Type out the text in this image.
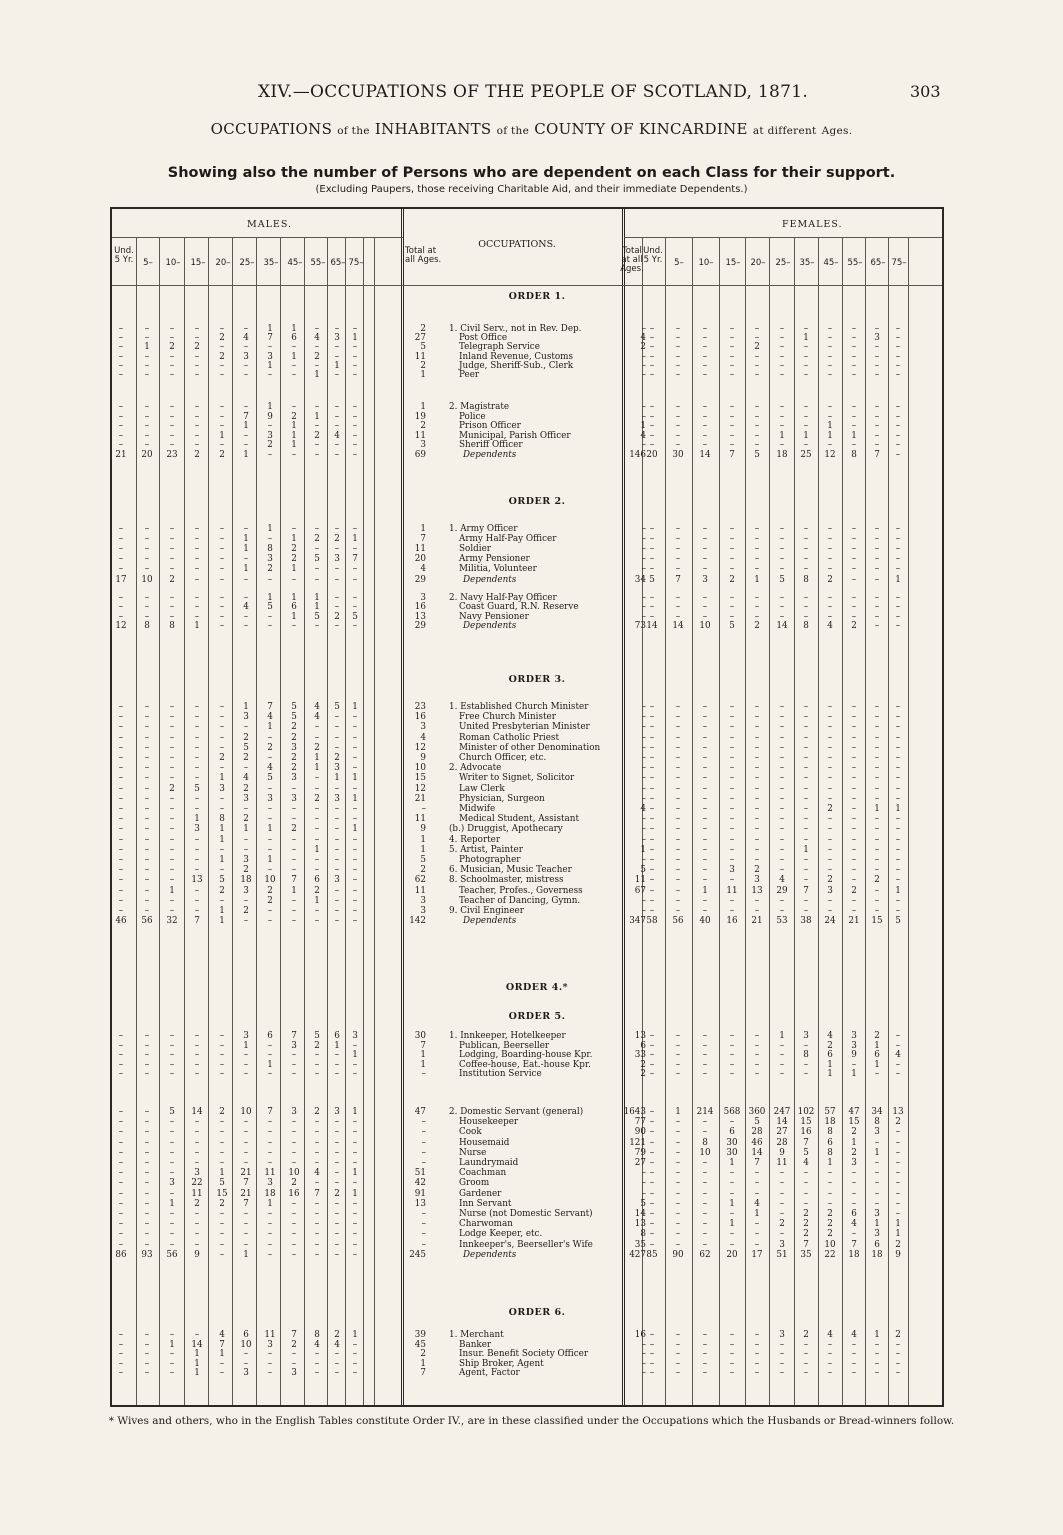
XIV.—OCCUPATIONS OF THE PEOPLE OF SCOTLAND, 1871.	303
OCCUPATIONS of the INHABITANTS of the COUNTY OF KINCARDINE at different Ages.
Showing also the number of Persons who are dependent on each Class for their support.
(Excluding Paupers, those receiving Charitable Aid, and their immediate Dependents.)
MALES.	FEMALES.
OCCUPATIONS.
Und. 5 Yr.	5–	10–	15–	20–	25–	35–	45– 55– 65– 75–
Total at all Ages.
Total at all Ages.
Und. 5 Yr.	5–	10–	15–	20–	25–	35–	45–	55– 65– 75–
ORDER 1.
ORDER 2.
ORDER 3.
ORDER 4.*
ORDER 5.
ORDER 6.
–	–	–	–	–	–	1	1	–	–	–	2	1. Civil Serv., not in Rev. Dep.	– –	–	–	–	–	–	–	–	–	–	–
–	–	–	–	2	4	7	6	4	3	1	27	Post Office	4 –	–	–	–	–	–	1	–	–	3	–
–	1	2	2	–	–	–	–	–	–	–	5	Telegraph Service	2 –	–	–	–	2	–	–	–	–	–	–
–	–	–	–	2	3	3	1	2	–	–	11	Inland Revenue, Customs	– –	–	–	–	–	–	–	–	–	–	–
–	–	–	–	–	–	1	–	–	1	–	2	Judge, Sheriff-Sub., Clerk	– –	–	–	–	–	–	–	–	–	–	–
–	–	–	–	–	–	–	–	1	–	–	1	Peer	– –	–	–	–	–	–	–	–	–	–	–
–	–	–	–	–	–	1	–	–	–	–	1	2. Magistrate	– –	–	–	–	–	–	–	–	–	–	–
–	–	–	–	–	7	9	2	1	–	–	19	Police	– –	–	–	–	–	–	–	–	–	–	–
–	–	–	–	–	1	–	1	–	–	–	2	Prison Officer	1 –	–	–	–	–	–	–	1	–	–	–
–	–	–	–	1	–	3	1	2	4	–	11	Municipal, Parish Officer	4 –	–	–	–	–	1	1	1	1	–	–
–	–	–	–	–	–	2	1	–	–	–	3	Sheriff Officer	– –	–	–	–	–	–	–	–	–	–	–
21	20	23	2	2	1	–	–	–	–	–	69	Dependents	146 20	30	14	7	5	18	25	12	8	7	–
–	–	–	–	–	–	1	–	–	–	–	1	1. Army Officer	– –	–	–	–	–	–	–	–	–	–	–
–	–	–	–	–	1	–	1	2	2	1	7	Army Half-Pay Officer	– –	–	–	–	–	–	–	–	–	–	–
–	–	–	–	–	1	8	2	–	–	–	11	Soldier	– –	–	–	–	–	–	–	–	–	–	–
–	–	–	–	–	–	3	2	5	3	7	20	Army Pensioner	– –	–	–	–	–	–	–	–	–	–	–
–	–	–	–	–	1	2	1	–	–	–	4	Militia, Volunteer	– –	–	–	–	–	–	–	–	–	–	–
17	10	2	–	–	–	–	–	–	–	–	29	Dependents	34 5	7	3	2	1	5	8	2	–	–	1
–	–	–	–	–	–	1	1	1	–	–	3	2. Navy Half-Pay Officer	– –	–	–	–	–	–	–	–	–	–	–
–	–	–	–	–	4	5	6	1	–	–	16	Coast Guard, R.N. Reserve	– –	–	–	–	–	–	–	–	–	–	–
–	–	–	–	–	–	–	1	5	2	5	13	Navy Pensioner	– –	–	–	–	–	–	–	–	–	–	–
12	8	8	1	–	–	–	–	–	–	–	29	Dependents	73 14	14	10	5	2	14	8	4	2	–	–
–	–	–	–	–	1	7	5	4	5	1	23	1. Established Church Minister	– –	–	–	–	–	–	–	–	–	–	–
–	–	–	–	–	3	4	5	4	–	–	16	Free Church Minister	– –	–	–	–	–	–	–	–	–	–	–
–	–	–	–	–	–	1	2	–	–	–	3	United Presbyterian Minister	– –	–	–	–	–	–	–	–	–	–	–
–	–	–	–	–	2	–	2	–	–	–	4	Roman Catholic Priest	– –	–	–	–	–	–	–	–	–	–	–
–	–	–	–	–	5	2	3	2	–	–	12	Minister of other Denomination	– –	–	–	–	–	–	–	–	–	–	–
–	–	–	–	2	2	–	2	1	2	–	9	Church Officer, etc.	– –	–	–	–	–	–	–	–	–	–	–
–	–	–	–	–	–	4	2	1	3	–	10	2. Advocate	– –	–	–	–	–	–	–	–	–	–	–
–	–	–	–	1	4	5	3	–	1	1	15	Writer to Signet, Solicitor	– –	–	–	–	–	–	–	–	–	–	–
–	–	2	5	3	2	–	–	–	–	–	12	Law Clerk	– –	–	–	–	–	–	–	–	–	–	–
–	–	–	–	–	3	3	3	2	3	1	21	Physician, Surgeon	– –	–	–	–	–	–	–	–	–	–	–
–	–	–	–	–	–	–	–	–	–	–	–	Midwife	4 –	–	–	–	–	–	–	2	–	1	1
–	–	–	1	8	2	–	–	–	–	–	11	Medical Student, Assistant	– –	–	–	–	–	–	–	–	–	–	–
–	–	–	3	1	1	1	2	–	–	1	9	(b.) Druggist, Apothecary	– –	–	–	–	–	–	–	–	–	–	–
–	–	–	–	1	–	–	–	–	–	–	1	4. Reporter	– –	–	–	–	–	–	–	–	–	–	–
–	–	–	–	–	–	–	–	1	–	–	1	5. Artist, Painter	1 –	–	–	–	–	–	1	–	–	–	–
–	–	–	–	1	3	1	–	–	–	–	5	Photographer	– –	–	–	–	–	–	–	–	–	–	–
–	–	–	–	–	2	–	–	–	–	–	2	6. Musician, Music Teacher	5 –	–	–	3	2	–	–	–	–	–	–
–	–	–	13	5	18	10	7	6	3	–	62	8. Schoolmaster, mistress	11 –	–	–	–	3	4	–	2	–	2	–
–	–	1	–	2	3	2	1	2	–	–	11	Teacher, Profes., Governess	67 –	–	1	11	13	29	7	3	2	–	1
–	–	–	–	–	–	2	–	1	–	–	3	Teacher of Dancing, Gymn.	– –	–	–	–	–	–	–	–	–	–	–
–	–	–	–	1	2	–	–	–	–	–	3	9. Civil Engineer	– –	–	–	–	–	–	–	–	–	–	–
46	56	32	7	1	–	–	–	–	–	–	142	Dependents	347 58	56	40	16	21	53	38	24	21	15	5
–	–	–	–	–	3	6	7	5	6	3	30	1. Innkeeper, Hotelkeeper	13 –	–	–	–	–	1	3	4	3	2	–
–	–	–	–	–	1	–	3	2	1	–	7	Publican, Beerseller	6 –	–	–	–	–	–	–	2	3	1	–
–	–	–	–	–	–	–	–	–	–	1	1	Lodging, Boarding-house Kpr.	33 –	–	–	–	–	–	8	6	9	6	4
–	–	–	–	–	–	1	–	–	–	–	1	Coffee-house, Eat.-house Kpr.	2 –	–	–	–	–	–	–	1	–	1	–
–	–	–	–	–	–	–	–	–	–	–	–	Institution Service	2 –	–	–	–	–	–	–	1	1	–	–
–	–	5	14	2	10	7	3	2	3	1	47	2. Domestic Servant (general)	1643 –	1	214 568 360 247 102	57	47	34	13
–	–	–	–	–	–	–	–	–	–	–	–	Housekeeper	77 –	–	–	–	5	14	15	18	15	8	2
–	–	–	–	–	–	–	–	–	–	–	–	Cook	90 –	–	–	6	28	27	16	8	2	3	–
–	–	–	–	–	–	–	–	–	–	–	–	Housemaid	121 –	–	8	30	46	28	7	6	1	–	–
–	–	–	–	–	–	–	–	–	–	–	–	Nurse	79 –	–	10	30	14	9	5	8	2	1	–
–	–	–	–	–	–	–	–	–	–	–	–	Laundrymaid	27 –	–	–	1	7	11	4	1	3	–	–
–	–	–	3	1	21	11	10	4	–	1	51	Coachman	– –	–	–	–	–	–	–	–	–	–	–
–	–	3	22	5	7	3	2	–	–	–	42	Groom	– –	–	–	–	–	–	–	–	–	–	–
–	–	–	11	15	21	18	16	7	2	1	91	Gardener	– –	–	–	–	–	–	–	–	–	–	–
–	–	1	2	2	7	1	–	–	–	–	13	Inn Servant	5 –	–	–	1	4	–	–	–	–	–	–
–	–	–	–	–	–	–	–	–	–	–	–	Nurse (not Domestic Servant)	14 –	–	–	–	1	–	2	2	6	3	–
–	–	–	–	–	–	–	–	–	–	–	–	Charwoman	13 –	–	–	1	–	2	2	2	4	1	1
–	–	–	–	–	–	–	–	–	–	–	–	Lodge Keeper, etc.	8 –	–	–	–	–	–	2	2	–	3	1
–	–	–	–	–	–	–	–	–	–	–	–	Innkeeper's, Beerseller's Wife	35 –	–	–	–	–	3	7	10	7	6	2
86	93	56	9	–	1	–	–	–	–	–	245	Dependents	427 85	90	62	20	17	51	35	22	18	18	9
–	–	–	–	4	6	11	7	8	2	1	39	1. Merchant	16 –	–	–	–	–	3	2	4	4	1	2
–	–	1	14	7	10	3	2	4	4	–	45	Banker	– –	–	–	–	–	–	–	–	–	–	–
–	–	–	1	1	–	–	–	–	–	–	2	Insur. Benefit Society Officer	– –	–	–	–	–	–	–	–	–	–	–
–	–	–	1	–	–	–	–	–	–	–	1	Ship Broker, Agent	– –	–	–	–	–	–	–	–	–	–	–
–	–	–	1	–	3	–	3	–	–	–	7	Agent, Factor	– –	–	–	–	–	–	–	–	–	–	–
* Wives and others, who in the English Tables constitute Order IV., are in these classified under the Occupations which the Husbands or Bread-winners follow.
